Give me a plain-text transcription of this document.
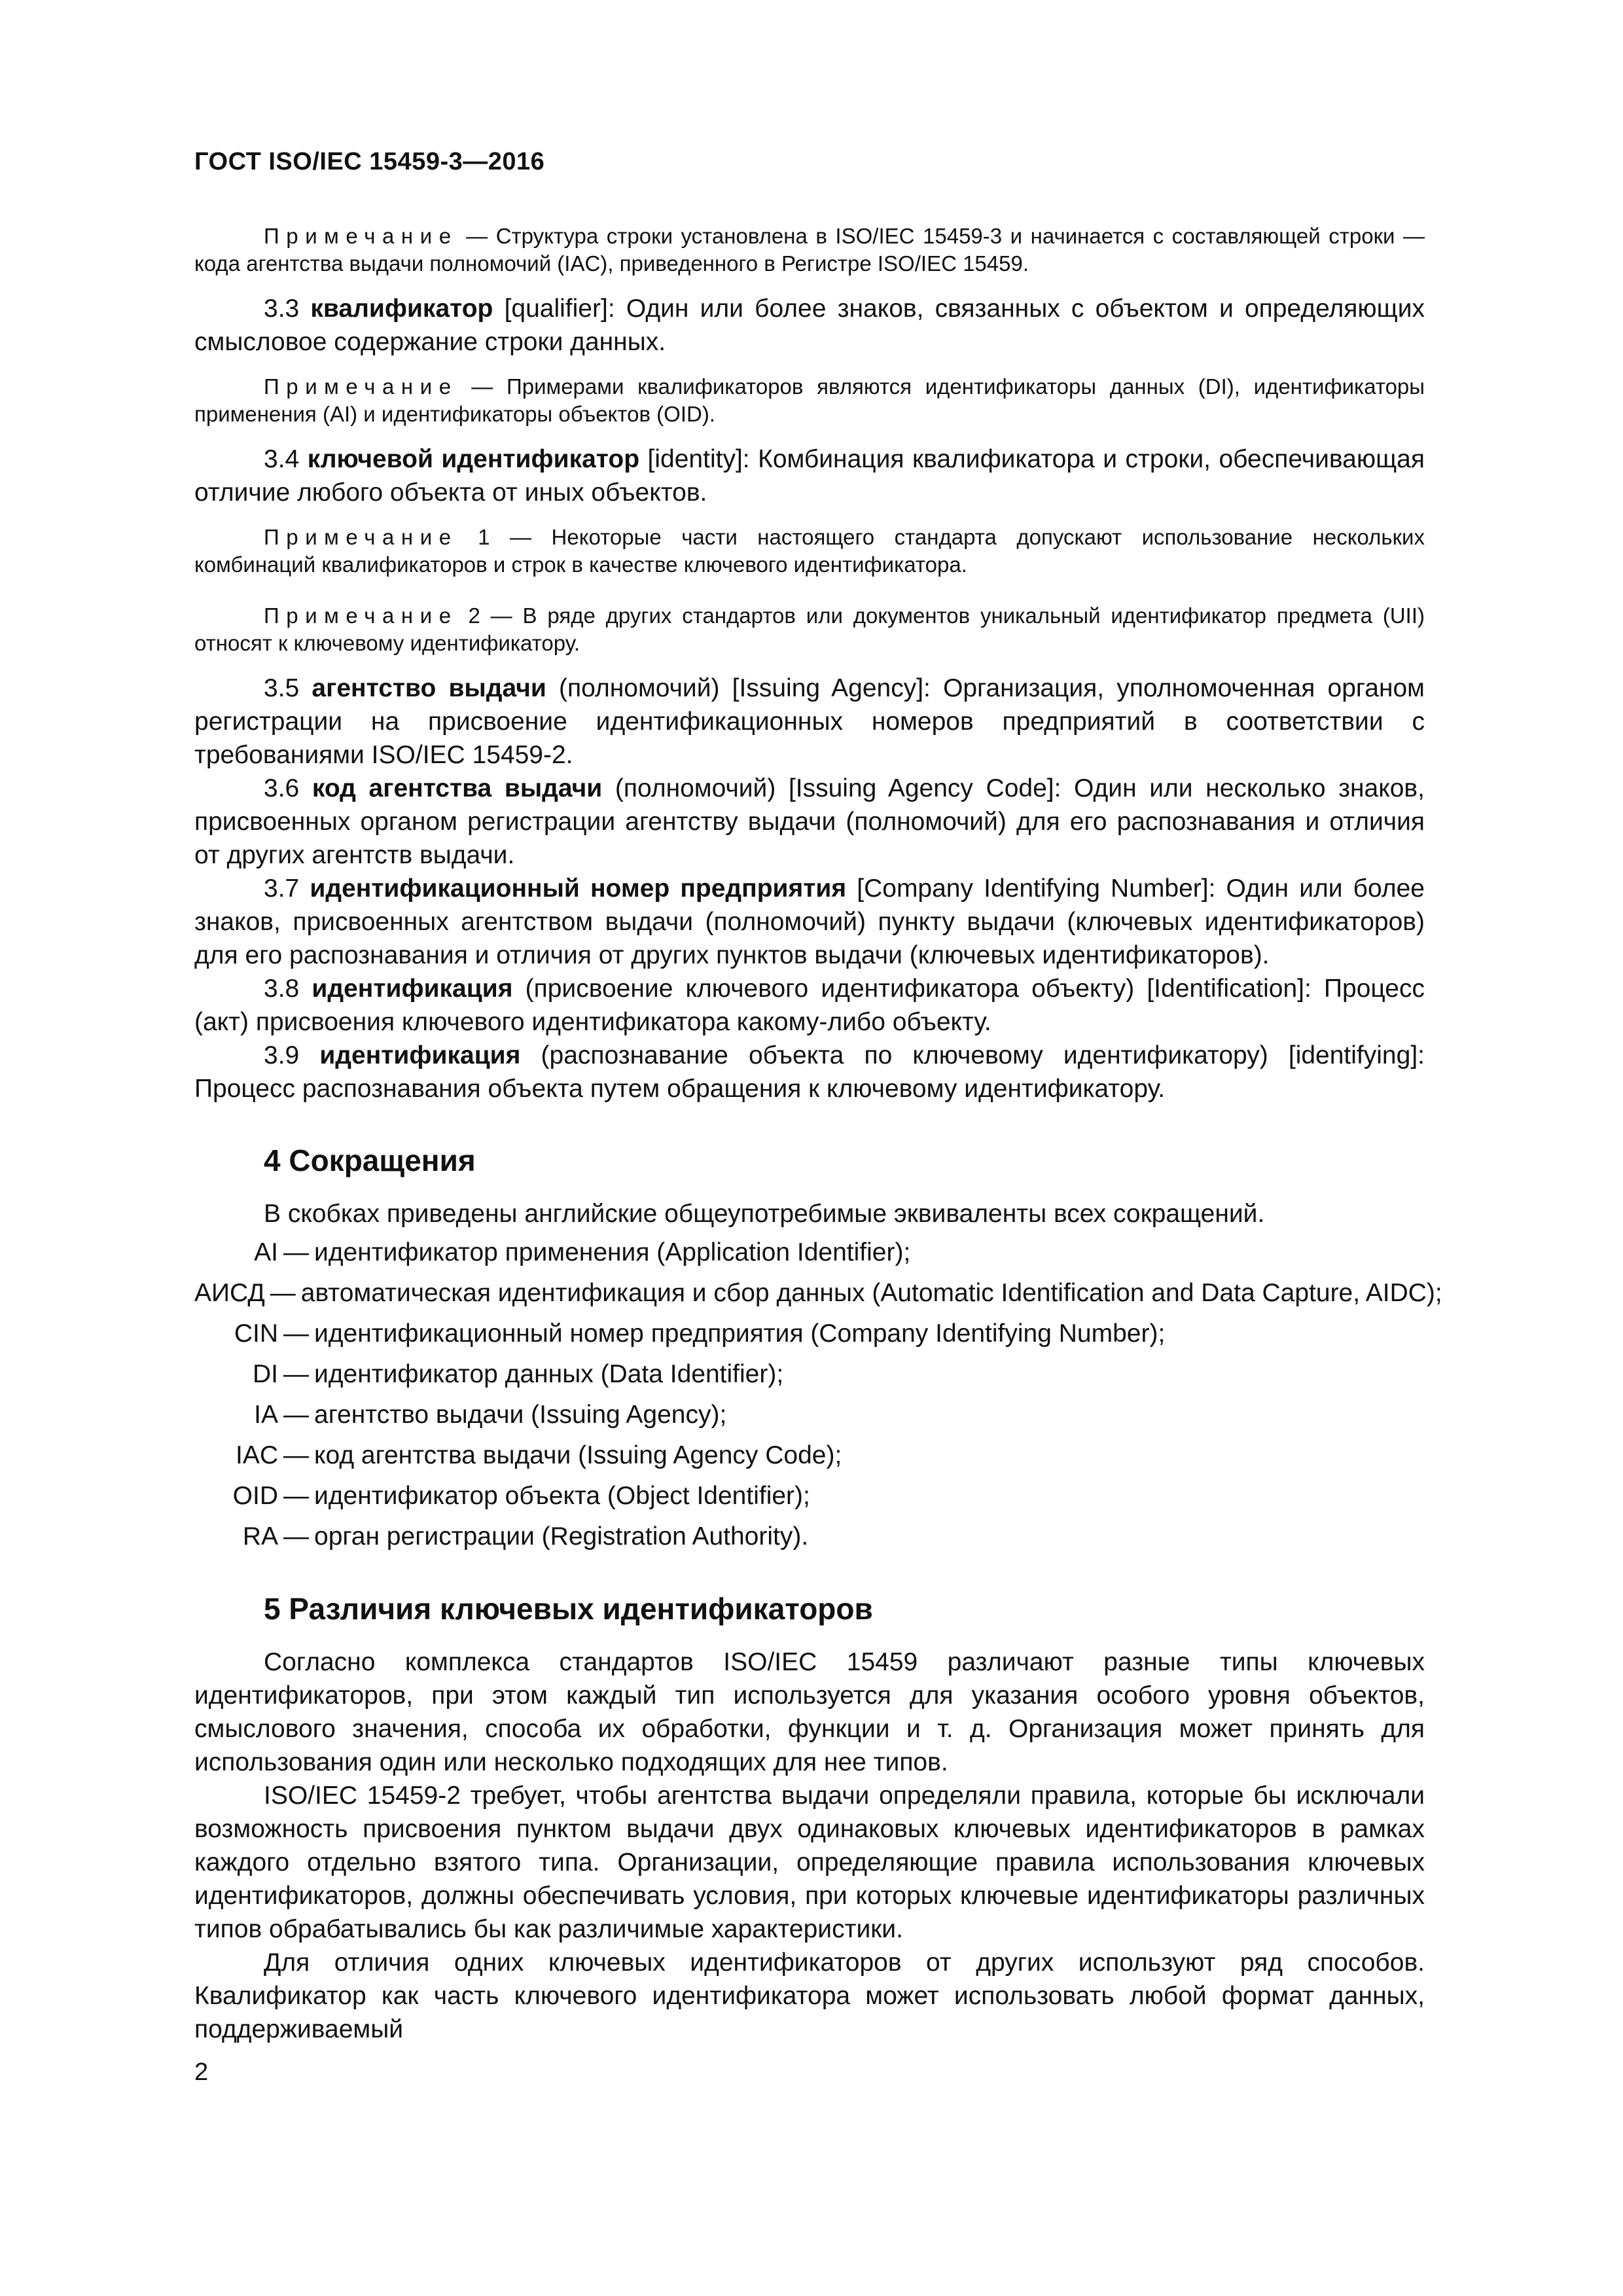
ГОСТ ISO/IEC 15459-3—2016

Примечание — Структура строки установлена в ISO/IEC 15459-3 и начинается с составляющей строки — кода агентства выдачи полномочий (IAC), приведенного в Регистре ISO/IEC 15459.

3.3 квалификатор [qualifier]: Один или более знаков, связанных с объектом и определяющих смысловое содержание строки данных.

Примечание — Примерами квалификаторов являются идентификаторы данных (DI), идентификаторы применения (AI) и идентификаторы объектов (OID).

3.4 ключевой идентификатор [identity]: Комбинация квалификатора и строки, обеспечивающая отличие любого объекта от иных объектов.

Примечание 1 — Некоторые части настоящего стандарта допускают использование нескольких комбинаций квалификаторов и строк в качестве ключевого идентификатора.

Примечание 2 — В ряде других стандартов или документов уникальный идентификатор предмета (UII) относят к ключевому идентификатору.

3.5 агентство выдачи (полномочий) [Issuing Agency]: Организация, уполномоченная органом регистрации на присвоение идентификационных номеров предприятий в соответствии с требованиями ISO/IEC 15459-2.

3.6 код агентства выдачи (полномочий) [Issuing Agency Code]: Один или несколько знаков, присвоенных органом регистрации агентству выдачи (полномочий) для его распознавания и отличия от других агентств выдачи.

3.7 идентификационный номер предприятия [Company Identifying Number]: Один или более знаков, присвоенных агентством выдачи (полномочий) пункту выдачи (ключевых идентификаторов) для его распознавания и отличия от других пунктов выдачи (ключевых идентификаторов).

3.8 идентификация (присвоение ключевого идентификатора объекту) [Identification]: Процесс (акт) присвоения ключевого идентификатора какому-либо объекту.

3.9 идентификация (распознавание объекта по ключевому идентификатору) [identifying]: Процесс распознавания объекта путем обращения к ключевому идентификатору.

4 Сокращения

В скобках приведены английские общеупотребимые эквиваленты всех сокращений.

AI — идентификатор применения (Application Identifier);
АИСД — автоматическая идентификация и сбор данных (Automatic Identification and Data Capture, AIDC);
CIN — идентификационный номер предприятия (Company Identifying Number);
DI — идентификатор данных (Data Identifier);
IA — агентство выдачи (Issuing Agency);
IAC — код агентства выдачи (Issuing Agency Code);
OID — идентификатор объекта (Object Identifier);
RA — орган регистрации (Registration Authority).
5 Различия ключевых идентификаторов

Согласно комплекса стандартов ISO/IEC 15459 различают разные типы ключевых идентификаторов, при этом каждый тип используется для указания особого уровня объектов, смыслового значения, способа их обработки, функции и т. д. Организация может принять для использования один или несколько подходящих для нее типов.

ISO/IEC 15459-2 требует, чтобы агентства выдачи определяли правила, которые бы исключали возможность присвоения пунктом выдачи двух одинаковых ключевых идентификаторов в рамках каждого отдельно взятого типа. Организации, определяющие правила использования ключевых идентификаторов, должны обеспечивать условия, при которых ключевые идентификаторы различных типов обрабатывались бы как различимые характеристики.

Для отличия одних ключевых идентификаторов от других используют ряд способов. Квалификатор как часть ключевого идентификатора может использовать любой формат данных, поддерживаемый

2
